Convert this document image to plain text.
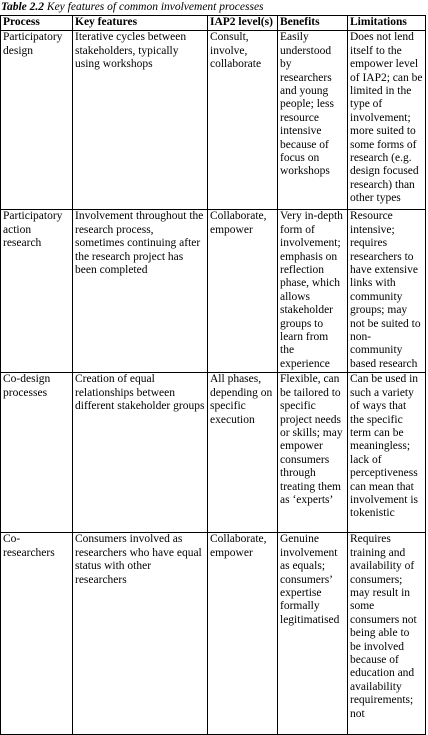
Table 2.2 Key features of common involvement processes
Process	Key features	IAP2 level(s)	Benefits	Limitations
Participatory design	Iterative cycles between stakeholders, typically using workshops	Consult, involve, collaborate	Easily understood by researchers and young people; less resource intensive because of focus on workshops	Does not lend itself to the empower level of IAP2; can be limited in the type of involvement; more suited to some forms of research (e.g. design focused research) than other types
Participatory action research	Involvement throughout the research process, sometimes continuing after the research project has been completed	Collaborate, empower	Very in-depth form of involvement; emphasis on reflection phase, which allows stakeholder groups to learn from the experience	Resource intensive; requires researchers to have extensive links with community groups; may not be suited to non-community based research
Co-design processes	Creation of equal relationships between different stakeholder groups	All phases, depending on specific execution	Flexible, can be tailored to specific project needs or skills; may empower consumers through treating them as ‘experts’	Can be used in such a variety of ways that the specific term can be meaningless; lack of perceptiveness can mean that involvement is tokenistic
Co-researchers	Consumers involved as researchers who have equal status with other researchers	Collaborate, empower	Genuine involvement as equals; consumers’ expertise formally legitimatised	Requires training and availability of consumers; may result in some consumers not being able to be involved because of education and availability requirements; not
